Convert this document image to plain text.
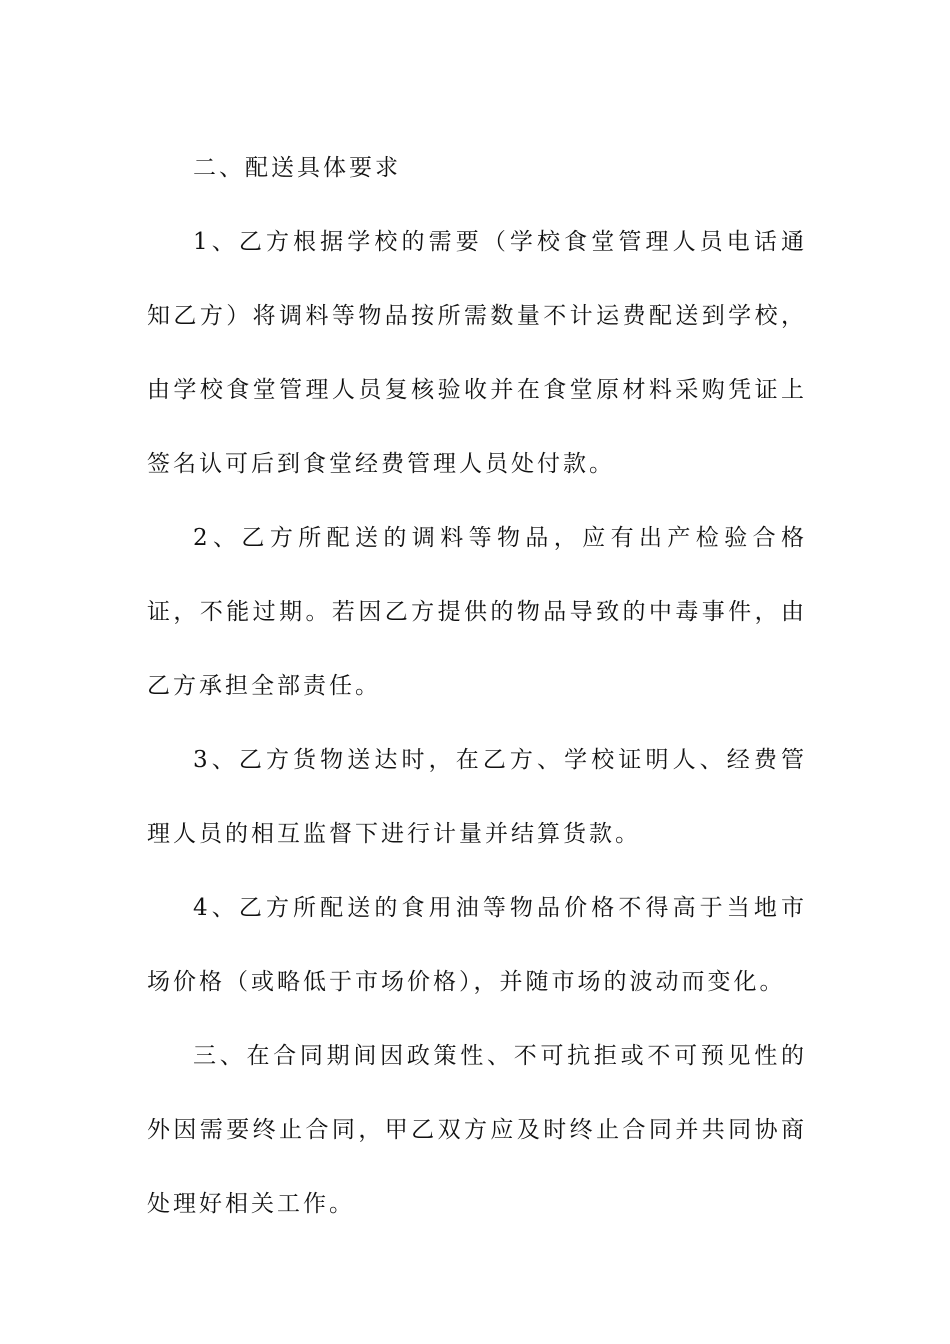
二、配送具体要求

1、乙方根据学校的需要（学校食堂管理人员电话通知乙方）将调料等物品按所需数量不计运费配送到学校，由学校食堂管理人员复核验收并在食堂原材料采购凭证上签名认可后到食堂经费管理人员处付款。

2、乙方所配送的调料等物品，应有出产检验合格证，不能过期。若因乙方提供的物品导致的中毒事件，由乙方承担全部责任。

3、乙方货物送达时，在乙方、学校证明人、经费管理人员的相互监督下进行计量并结算货款。

4、乙方所配送的食用油等物品价格不得高于当地市场价格（或略低于市场价格），并随市场的波动而变化。

三、在合同期间因政策性、不可抗拒或不可预见性的外因需要终止合同，甲乙双方应及时终止合同并共同协商处理好相关工作。
